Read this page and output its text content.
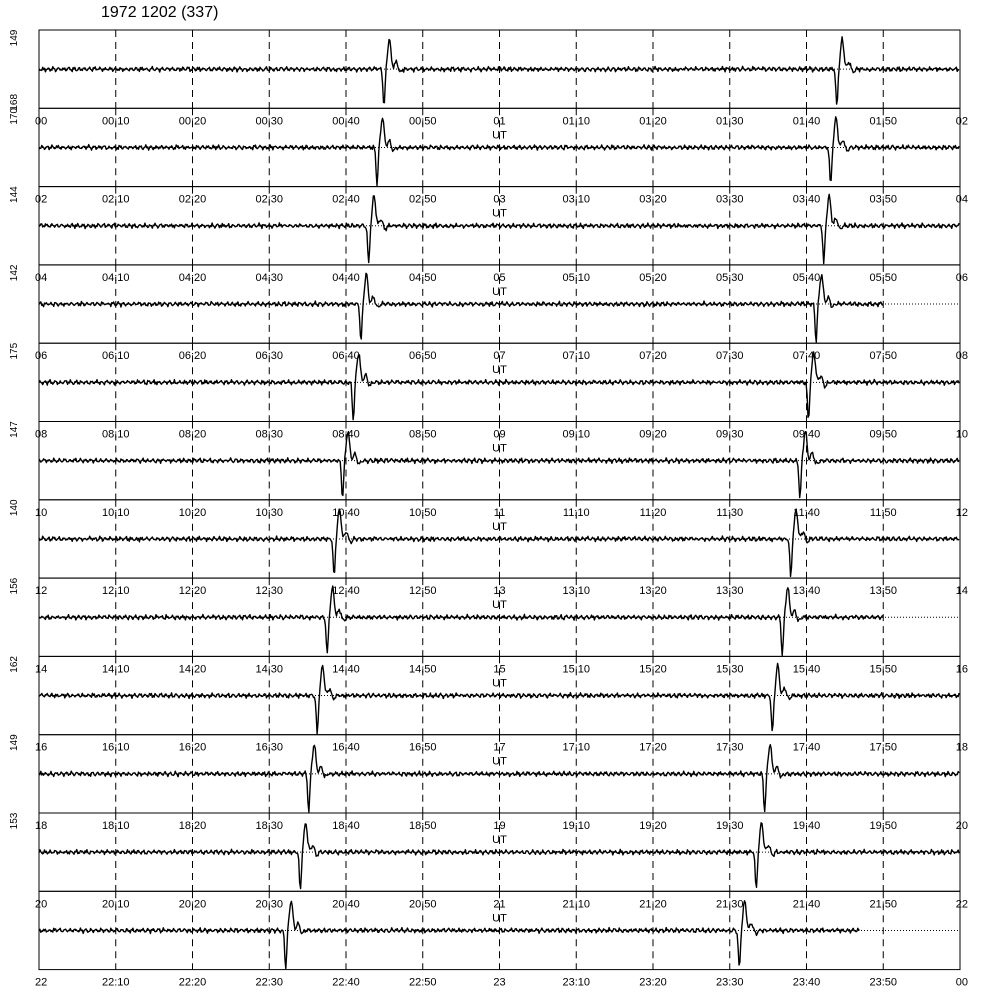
1972 1202 (337)
00	00:10	00:20	00:30	00:40	00:50	01	01:10	01:20	01:30	01:40	01:50	02
UT
149
168
02	02:10	02:20	02:30	02:40	02:50	03	03:10	03:20	03:30	03:40	03:50	04
UT
170
04	04:10	04:20	04:30	04:40	04:50	05	05:10	05:20	05:30	05:40	05:50	06
UT
144
06	06:10	06:20	06:30	06:40	06:50	07	07:10	07:20	07:30	07:40	07:50	08
UT
142
08	08:10	08:20	08:30	08:40	08:50	09	09:10	09:20	09:30	09:40	09:50	10
UT
175
10	10:10	10:20	10:30	10:40	10:50	11	11:10	11:20	11:30	11:40	11:50	12
UT
147
12	12:10	12:20	12:30	12:40	12:50	13	13:10	13:20	13:30	13:40	13:50	14
UT
140
14	14:10	14:20	14:30	14:40	14:50	15	15:10	15:20	15:30	15:40	15:50	16
UT
156
16	16:10	16:20	16:30	16:40	16:50	17	17:10	17:20	17:30	17:40	17:50	18
UT
162
18	18:10	18:20	18:30	18:40	18:50	19	19:10	19:20	19:30	19:40	19:50	20
UT
149
20	20:10	20:20	20:30	20:40	20:50	21	21:10	21:20	21:30	21:40	21:50	22
UT
153
22	22:10	22:20	22:30	22:40	22:50	23	23:10	23:20	23:30	23:40	23:50	00
